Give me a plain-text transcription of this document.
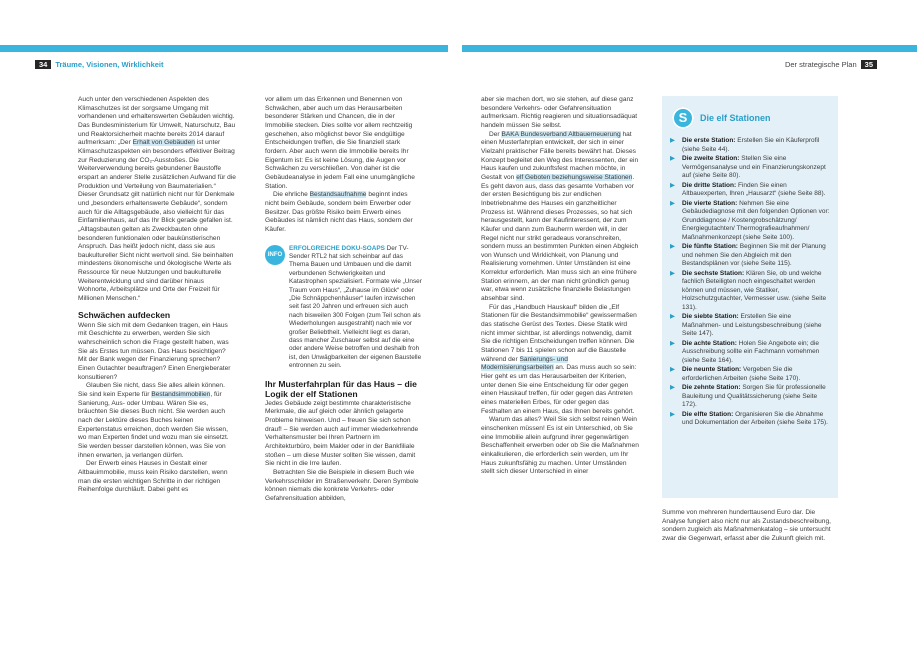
34 Träume, Visionen, Wirklichkeit	Der strategische Plan 35

Auch unter den verschiedenen Aspekten des Klimaschutzes ist der sorgsame Umgang mit vorhandenen und erhaltenswerten Gebäuden wichtig. Das Bundesministerium für Umwelt, Naturschutz, Bau und Reaktorsicherheit machte bereits 2014 darauf aufmerksam: „Der Erhalt von Gebäuden ist unter Klimaschutzaspekten ein besonders effektiver Beitrag zur Reduzierung der CO₂-Ausstoßes. Die Weiterverwendung bereits gebundener Baustoffe erspart an anderer Stelle zusätzlichen Aufwand für die Produktion und Verteilung von Baumaterialien.“ Dieser Grundsatz gilt natürlich nicht nur für Denkmale und „besonders erhaltenswerte Gebäude“, sondern auch für die Alltagsgebäude, also vielleicht für das Einfamilienhaus, auf das Ihr Blick gerade gefallen ist. „Alltagsbauten gelten als Zweckbauten ohne besonderen funktionalen oder baukünstlerischen Anspruch. Das heißt jedoch nicht, dass sie aus baukultureller Sicht nicht wertvoll sind. Sie beinhalten mindestens ökonomische und ökologische Werte als Ressource für neue Nutzungen und baukulturelle Weiterentwicklung und sind darüber hinaus Wohnorte, Arbeitsplätze und Orte der Freizeit für Millionen Menschen.“

Schwächen aufdecken

Wenn Sie sich mit dem Gedanken tragen, ein Haus mit Geschichte zu erwerben, werden Sie sich wahrscheinlich schon die Frage gestellt haben, was Sie als Erstes tun müssen. Das Haus besichtigen? Mit der Bank wegen der Finanzierung sprechen? Einen Gutachter beauftragen? Einen Energieberater konsultieren?

Glauben Sie nicht, dass Sie alles allein können. Sie sind kein Experte für Bestandsimmobilien, für Sanierung, Aus- oder Umbau. Wären Sie es, bräuchten Sie dieses Buch nicht. Sie werden auch nach der Lektüre dieses Buches keinen Expertenstatus erreichen, doch werden Sie wissen, wo man Experten findet und wozu man sie einsetzt. Sie werden besser darstellen können, was Sie von ihnen erwarten, ja verlangen dürfen.

Der Erwerb eines Hauses in Gestalt einer Altbauimmobilie, muss kein Risiko darstellen, wenn man die ersten wichtigen Schritte in der richtigen Reihenfolge durchläuft. Dabei geht es

vor allem um das Erkennen und Benennen von Schwächen, aber auch um das Herausarbeiten besonderer Stärken und Chancen, die in der Immobilie stecken. Dies sollte vor allem rechtzeitig geschehen, also möglichst bevor Sie endgültige Entscheidungen treffen, die Sie finanziell stark fordern. Aber auch wenn die Immobilie bereits Ihr Eigentum ist: Es ist keine Lösung, die Augen vor Schwächen zu verschließen. Von daher ist die Gebäudeanalyse in jedem Fall eine unumgängliche Station.

Die ehrliche Bestandsaufnahme beginnt indes nicht beim Gebäude, sondern beim Erwerber oder Besitzer. Das größte Risiko beim Erwerb eines Gebäudes ist nämlich nicht das Haus, sondern der Käufer.

INFO
ERFOLGREICHE DOKU-SOAPS Der TV-Sender RTL2 hat sich scheinbar auf das Thema Bauen und Umbauen und die damit verbundenen Schwierigkeiten und Katastrophen spezialisiert. Formate wie „Unser Traum vom Haus“, „Zuhause im Glück“ oder „Die Schnäppchenhäuser“ laufen inzwischen seit fast 20 Jahren und erfreuen sich auch nach bisweilen 300 Folgen (zum Teil schon als Wiederholungen ausgestrahlt) nach wie vor großer Beliebtheit. Vielleicht liegt es daran, dass mancher Zuschauer selbst auf die eine oder andere Weise betroffen und deshalb froh ist, den Unwägbarkeiten der eigenen Baustelle entronnen zu sein.
Ihr Musterfahrplan für das Haus – die Logik der elf Stationen

Jedes Gebäude zeigt bestimmte charakteristische Merkmale, die auf gleich oder ähnlich gelagerte Probleme hinweisen. Und – freuen Sie sich schon drauf! – Sie werden auch auf immer wiederkehrende Verhaltensmuster bei Ihren Partnern im Architekturbüro, beim Makler oder in der Bankfiliale stoßen – um diese Muster sollten Sie wissen, damit Sie nicht in die Irre laufen.

Betrachten Sie die Beispiele in diesem Buch wie Verkehrsschilder im Straßenverkehr. Deren Symbole können niemals die konkrete Verkehrs- oder Gefahrensituation abbilden,

aber sie machen dort, wo sie stehen, auf diese ganz besondere Verkehrs- oder Gefahrensituation aufmerksam. Richtig reagieren und situationsadäquat handeln müssen Sie selbst.

Der BAKA Bundesverband Altbauerneuerung hat einen Musterfahrplan entwickelt, der sich in einer Vielzahl praktischer Fälle bereits bewährt hat. Dieses Konzept begleitet den Weg des Interessenten, der ein Haus kaufen und zukunftsfest machen möchte, in Gestalt von elf Geboten beziehungsweise Stationen. Es geht davon aus, dass das gesamte Vorhaben vor der ersten Besichtigung bis zur endlichen Inbetriebnahme des Hauses ein ganzheitlicher Prozess ist. Während dieses Prozesses, so hat sich herausgestellt, kann der Kaufinteressent, der zum Käufer und dann zum Bauherrn werden will, in der Regel nicht nur strikt geradeaus voranschreiten, sondern muss an bestimmten Punkten einen Abgleich von Wunsch und Wirklichkeit, von Planung und Realisierung vornehmen. Unter Umständen ist eine Korrektur erforderlich. Man muss sich an eine frühere Station erinnern, an der man nicht gründlich genug war, etwa wenn zusätzliche finanzielle Belastungen absehbar sind.

Für das „Handbuch Hauskauf“ bilden die „Elf Stationen für die Bestandsimmobilie“ gewissermaßen das statische Gerüst des Textes. Diese Statik wird nicht immer sichtbar, ist allerdings notwendig, damit Sie die richtigen Entscheidungen treffen können. Die Stationen 7 bis 11 spielen schon auf die Baustelle während der Sanierungs- und Modernisierungsarbeiten an. Das muss auch so sein: Hier geht es um das Herausarbeiten der Kriterien, unter denen Sie eine Entscheidung für oder gegen einen Hauskauf treffen, für oder gegen das Antreten eines materiellen Erbes, für oder gegen das Festhalten an einem Haus, das Ihnen bereits gehört.

Warum das alles? Weil Sie sich selbst reinen Wein einschenken müssen! Es ist ein Unterschied, ob Sie eine Immobilie allein aufgrund ihrer gegenwärtigen Beschaffenheit erwerben oder ob Sie die Maßnahmen einkalkulieren, die erforderlich sein werden, um Ihr Haus zukunftsfähig zu machen. Unter Umständen stellt sich dieser Unterschied in einer

S	Die elf Stationen
▶ Die erste Station: Erstellen Sie ein Käuferprofil (siehe Seite 44).
▶ Die zweite Station: Stellen Sie eine Vermögensanalyse und ein Finanzierungskonzept auf (siehe Seite 80).
▶ Die dritte Station: Finden Sie einen Altbauexperten, Ihren „Hausarzt“ (siehe Seite 88).
▶ Die vierte Station: Nehmen Sie eine Gebäudediagnose mit den folgenden Optionen vor: Grunddiagnose / Kostengrobschätzung/ Energiegutachten/ Thermografieaufnahmen/ Maßnahmenkonzept (siehe Seite 100).
▶ Die fünfte Station: Beginnen Sie mit der Planung und nehmen Sie den Abgleich mit den Bestandsplänen vor (siehe Seite 115).
▶ Die sechste Station: Klären Sie, ob und welche fachlich Beteiligten noch eingeschaltet werden können und müssen, wie Statiker, Holzschutzgutachter, Vermesser usw. (siehe Seite 131).
▶ Die siebte Station: Erstellen Sie eine Maßnahmen- und Leistungsbeschreibung (siehe Seite 147).
▶ Die achte Station: Holen Sie Angebote ein; die Ausschreibung sollte ein Fachmann vornehmen (siehe Seite 164).
▶ Die neunte Station: Vergeben Sie die erforderlichen Arbeiten (siehe Seite 170).
▶ Die zehnte Station: Sorgen Sie für professionelle Bauleitung und Qualitätssicherung (siehe Seite 172).
▶ Die elfte Station: Organisieren Sie die Abnahme und Dokumentation der Arbeiten (siehe Seite 175).
Summe von mehreren hunderttausend Euro dar. Die Analyse fungiert also nicht nur als Zustandsbeschreibung, sondern zugleich als Maßnahmenkatalog – sie untersucht zwar die Gegenwart, erfasst aber die Zukunft gleich mit.
